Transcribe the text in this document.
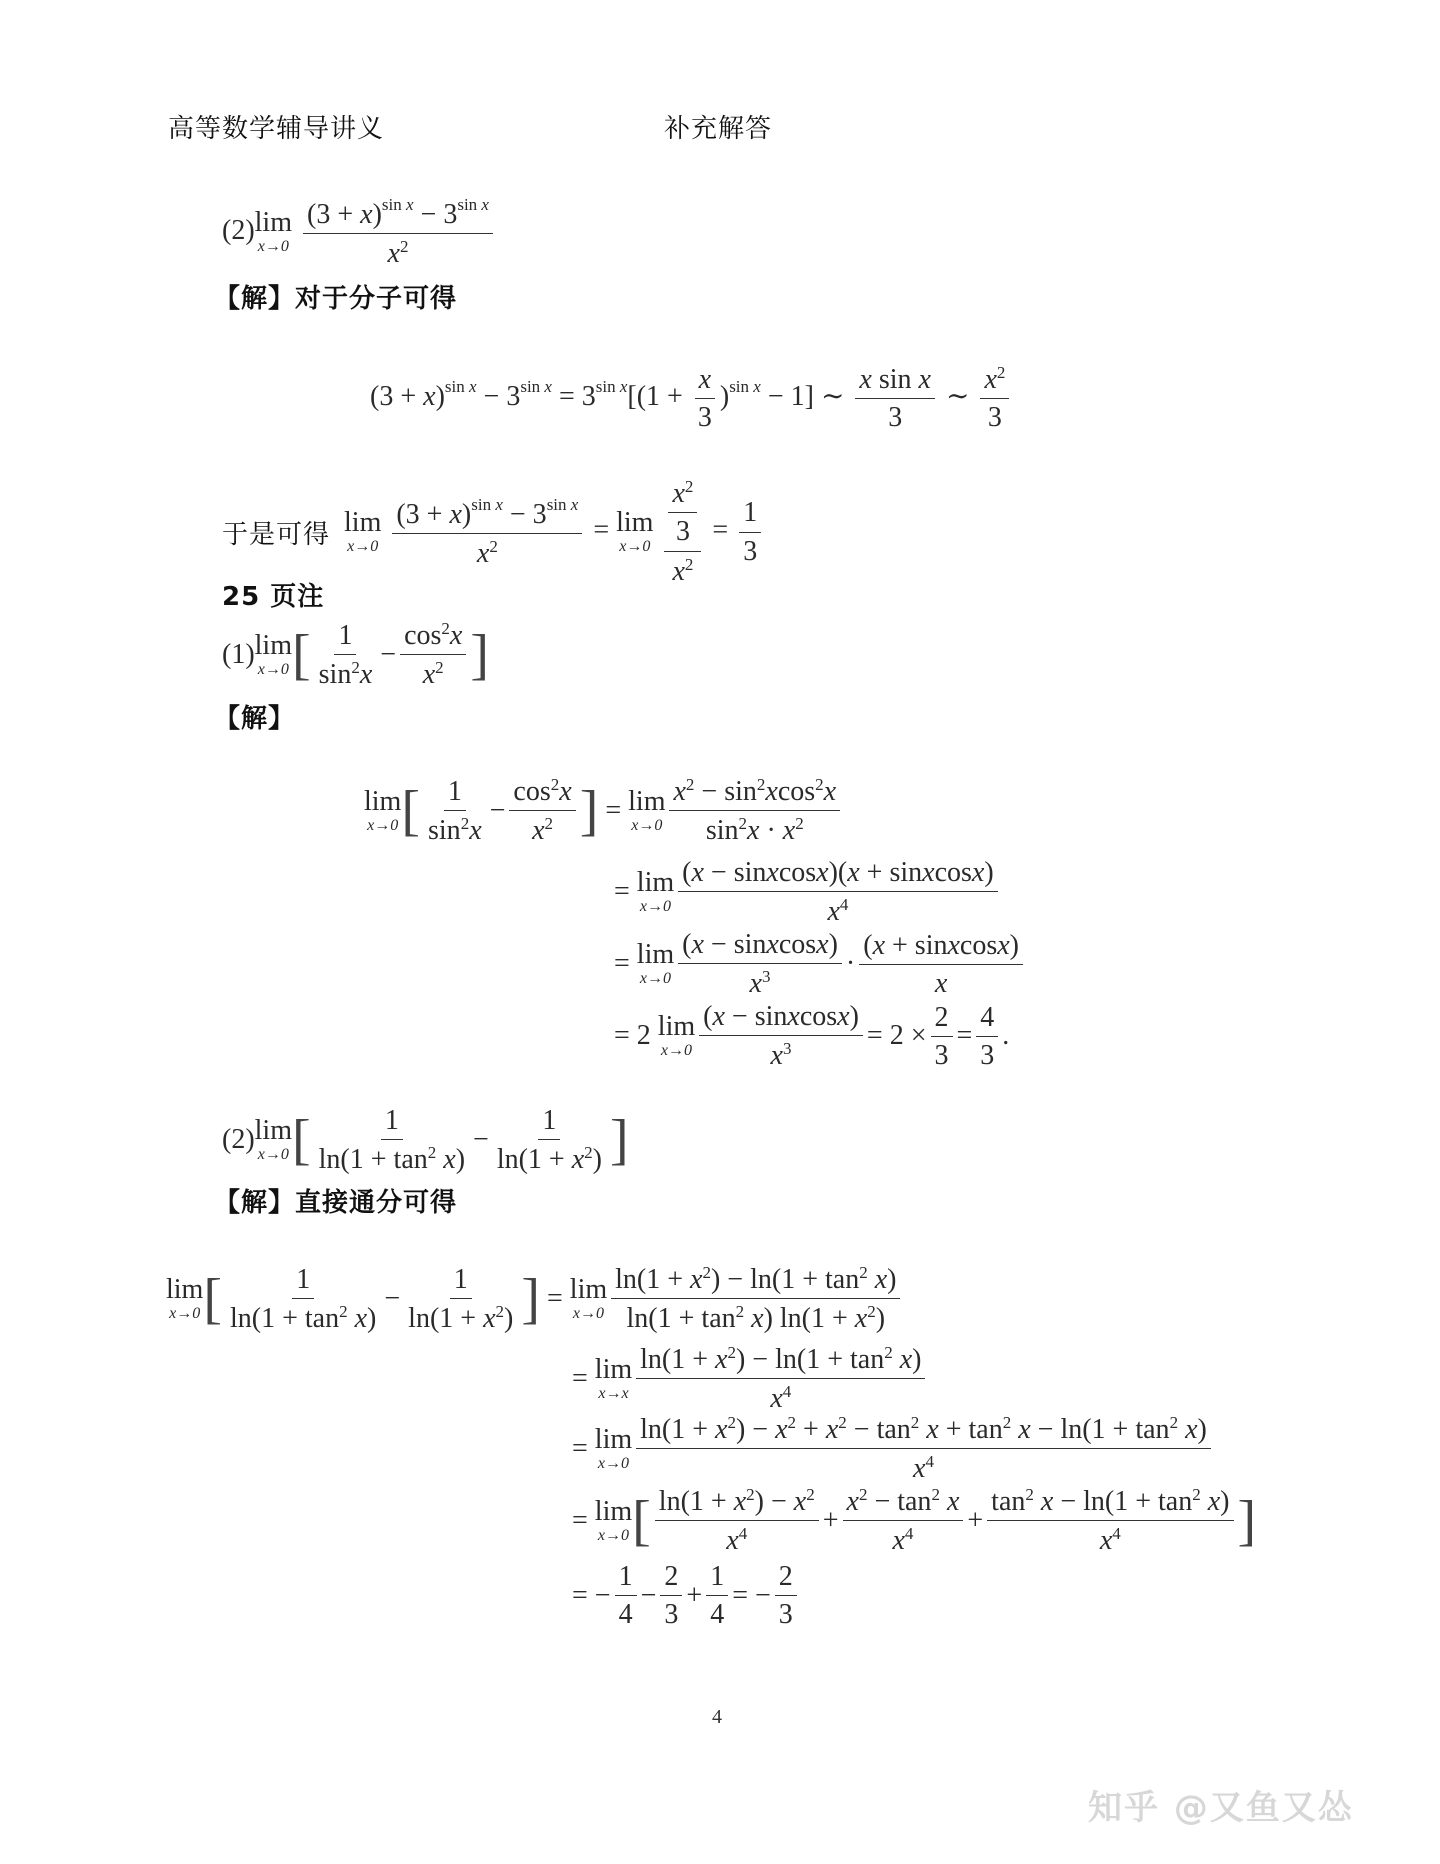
高等数学辅导讲义	补充解答
(2) lim
x→0
$\frac{(3 + x)^{sin x} - 3^{sin x}}{x^2}$
【解】对于分子可得
$(3 + x)^{sin x} - 3^{sin x} = 3^{sin x}[(1 + \frac{x}{3} )^{sin x} - 1]$ ∼ $\frac{\text{x sin x}}{3}$ ∼ $\frac{x^2}{3}$
于是可得 lim
x→0
$\frac{(3 + x)^{sin x} - 3^{sin x}}{x^2} = \lim$
x→0
$\frac{\frac{x^2}{3}}{x^2} = \frac{1}{3}$
25 页注
(1) lim
x→0 [ $\frac{1}{\sin^2x} - \frac{\cos^2x}{x^2}$ ]
【解】
lim
x→0 [ $\frac{1}{\sin^2x} - \frac{\cos^2x}{x^2}$ ] = lim
$x\to 0 \frac{x^2 - \sin^2xcos^2x}{\sin^2x \cdot x^2}$
= lim
$x\to 0 \frac{\text{(x − sinxcosx)(x + sinxcosx)}}{x^4}$
= lim
$x\to 0 \frac{\text{(x − sinxcosx)}}{x^3} \cdot \frac{\text{(x + sinxcosx)}}{x}$
= 2 lim
$x\to 0 \frac{\text{(x − sinxcosx)}}{x^3} = 2 \times \frac{2}{3} = \frac{4}{3}$ .
(2) lim
x→0 [ $\frac{1}{\ln(1 + \tan^2 x)} - \frac{1}{\ln(1 + x^2)}$ ]
【解】直接通分可得
lim
x→0 [ $\frac{1}{\ln(1 + \tan^2 x)} - \frac{1}{\ln(1 + x^2)}$ ] = lim
$x\to 0 \frac{\ln(1 + x^2) - \ln(1 + \tan^2 x)}{\ln(1 + \tan^2 x) \ln(1 + x^2)}$
= lim
$x\to x \frac{\ln(1 + x^2) - \ln(1 + \tan^2 x)}{x^4}$
= lim
$x\to 0 \frac{\ln(1 + x^2) - x^2 + x^2 - \tan^2 x + \tan^2 x - \ln(1 + \tan^2 x)}{x^4}$
= lim
x→0 [ $\frac{\ln(1 + x^2) - x^2}{x^4} + \frac{x^2 - \tan^2 x}{x^4} + \frac{\tan^2 x - \ln(1 + \tan^2 x)}{x^4}$ ]
= − $\frac{1}{4} - \frac{2}{3} + \frac{1}{4}$ = − $\frac{2}{3}$
4
知乎 @又鱼又怂
